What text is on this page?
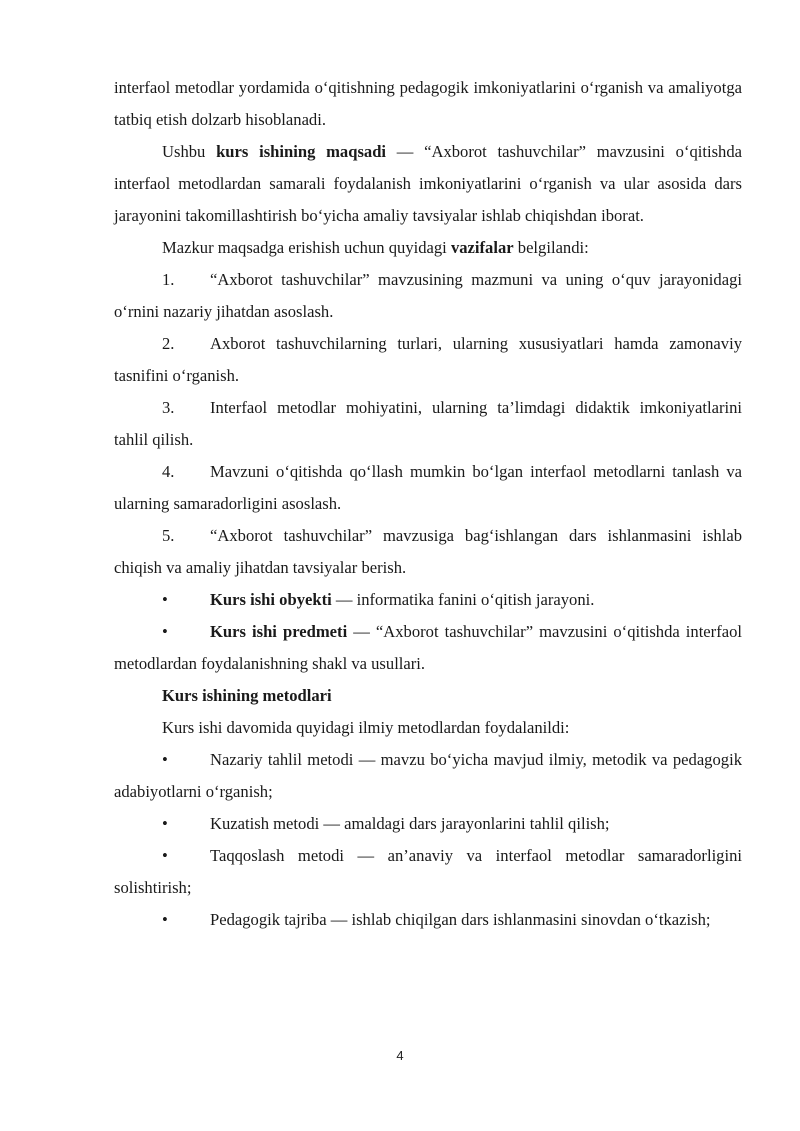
interfaol metodlar yordamida o‘qitishning pedagogik imkoniyatlarini o‘rganish va amaliyotga tatbiq etish dolzarb hisoblanadi.

Ushbu kurs ishining maqsadi — “Axborot tashuvchilar” mavzusini o‘qitishda interfaol metodlardan samarali foydalanish imkoniyatlarini o‘rganish va ular asosida dars jarayonini takomillashtirish bo‘yicha amaliy tavsiyalar ishlab chiqishdan iborat.

Mazkur maqsadga erishish uchun quyidagi vazifalar belgilandi:

1. “Axborot tashuvchilar” mavzusining mazmuni va uning o‘quv jarayonidagi o‘rnini nazariy jihatdan asoslash.

2. Axborot tashuvchilarning turlari, ularning xususiyatlari hamda zamonaviy tasnifini o‘rganish.

3. Interfaol metodlar mohiyatini, ularning ta’limdagi didaktik imkoniyatlarini tahlil qilish.

4. Mavzuni o‘qitishda qo‘llash mumkin bo‘lgan interfaol metodlarni tanlash va ularning samaradorligini asoslash.

5. “Axborot tashuvchilar” mavzusiga bag‘ishlangan dars ishlanmasini ishlab chiqish va amaliy jihatdan tavsiyalar berish.

•	Kurs ishi obyekti — informatika fanini o‘qitish jarayoni.

•	Kurs ishi predmeti — “Axborot tashuvchilar” mavzusini o‘qitishda interfaol metodlardan foydalanishning shakl va usullari.

Kurs ishining metodlari

Kurs ishi davomida quyidagi ilmiy metodlardan foydalanildi:

•	Nazariy tahlil metodi — mavzu bo‘yicha mavjud ilmiy, metodik va pedagogik adabiyotlarni o‘rganish;

•	Kuzatish metodi — amaldagi dars jarayonlarini tahlil qilish;

•	Taqqoslash metodi — an’anaviy va interfaol metodlar samaradorligini solishtirish;

•	Pedagogik tajriba — ishlab chiqilgan dars ishlanmasini sinovdan o‘tkazish;

4
